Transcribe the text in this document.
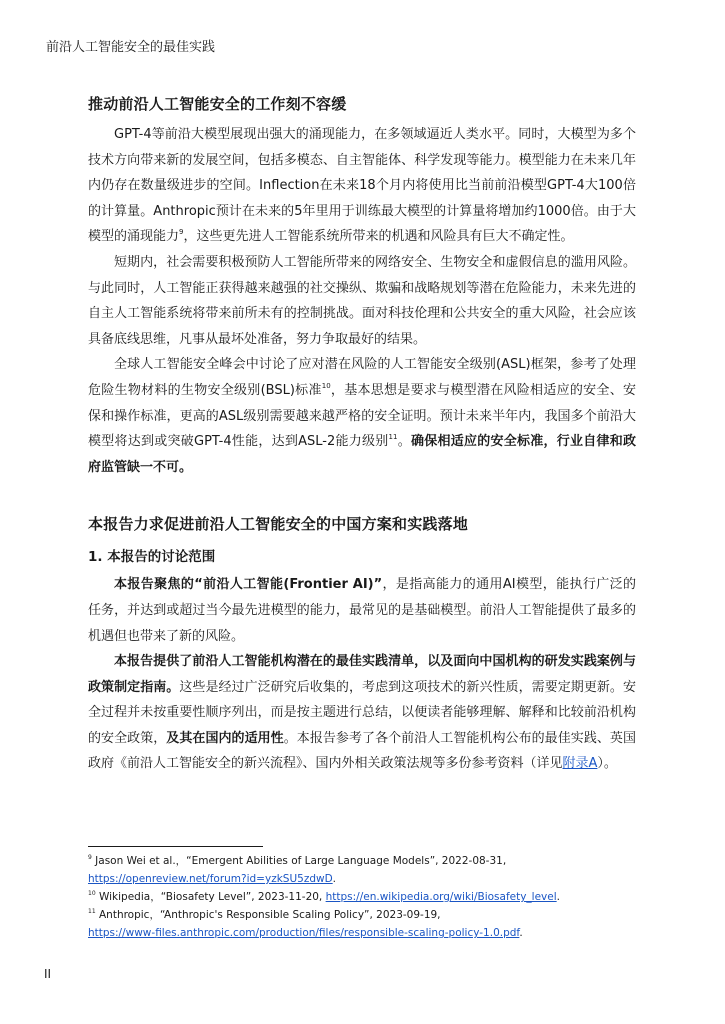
前沿人工智能安全的最佳实践
推动前沿人工智能安全的工作刻不容缓

GPT-4等前沿大模型展现出强大的涌现能力，在多领域逼近人类水平。同时，大模型为多个技术方向带来新的发展空间，包括多模态、自主智能体、科学发现等能力。模型能力在未来几年内仍存在数量级进步的空间。Inflection在未来18个月内将使用比当前前沿模型GPT-4大100倍的计算量。Anthropic预计在未来的5年里用于训练最大模型的计算量将增加约1000倍。由于大模型的涌现能力$^9$，这些更先进人工智能系统所带来的机遇和风险具有巨大不确定性。

短期内，社会需要积极预防人工智能所带来的网络安全、生物安全和虚假信息的滥用风险。与此同时，人工智能正获得越来越强的社交操纵、欺骗和战略规划等潜在危险能力，未来先进的自主人工智能系统将带来前所未有的控制挑战。面对科技伦理和公共安全的重大风险，社会应该具备底线思维，凡事从最坏处准备，努力争取最好的结果。

全球人工智能安全峰会中讨论了应对潜在风险的人工智能安全级别(ASL)框架，参考了处理危险生物材料的生物安全级别(BSL)标准$^{10}$，基本思想是要求与模型潜在风险相适应的安全、安保和操作标准，更高的ASL级别需要越来越严格的安全证明。预计未来半年内，我国多个前沿大模型将达到或突破GPT-4性能，达到ASL-2能力级别$^{11}$。确保相适应的安全标准，行业自律和政府监管缺一不可。

本报告力求促进前沿人工智能安全的中国方案和实践落地
1. 本报告的讨论范围

本报告聚焦的“前沿人工智能(Frontier AI)”，是指高能力的通用AI模型，能执行广泛的任务，并达到或超过当今最先进模型的能力，最常见的是基础模型。前沿人工智能提供了最多的机遇但也带来了新的风险。

本报告提供了前沿人工智能机构潜在的最佳实践清单，以及面向中国机构的研发实践案例与政策制定指南。这些是经过广泛研究后收集的，考虑到这项技术的新兴性质，需要定期更新。安全过程并未按重要性顺序列出，而是按主题进行总结，以便读者能够理解、解释和比较前沿机构的安全政策，及其在国内的适用性。本报告参考了各个前沿人工智能机构公布的最佳实践、英国政府《前沿人工智能安全的新兴流程》、国内外相关政策法规等多份参考资料（详见附录A）。

$^9$ Jason Wei et al.，“Emergent Abilities of Large Language Models”, 2022-08-31,
https://openreview.net/forum?id=yzkSU5zdwD.

$^{10}$ Wikipedia，“Biosafety Level”, 2023-11-20, https://en.wikipedia.org/wiki/Biosafety_level.

$^{11}$ Anthropic，“Anthropic's Responsible Scaling Policy”, 2023-09-19,
https://www-files.anthropic.com/production/files/responsible-scaling-policy-1.0.pdf.

II
